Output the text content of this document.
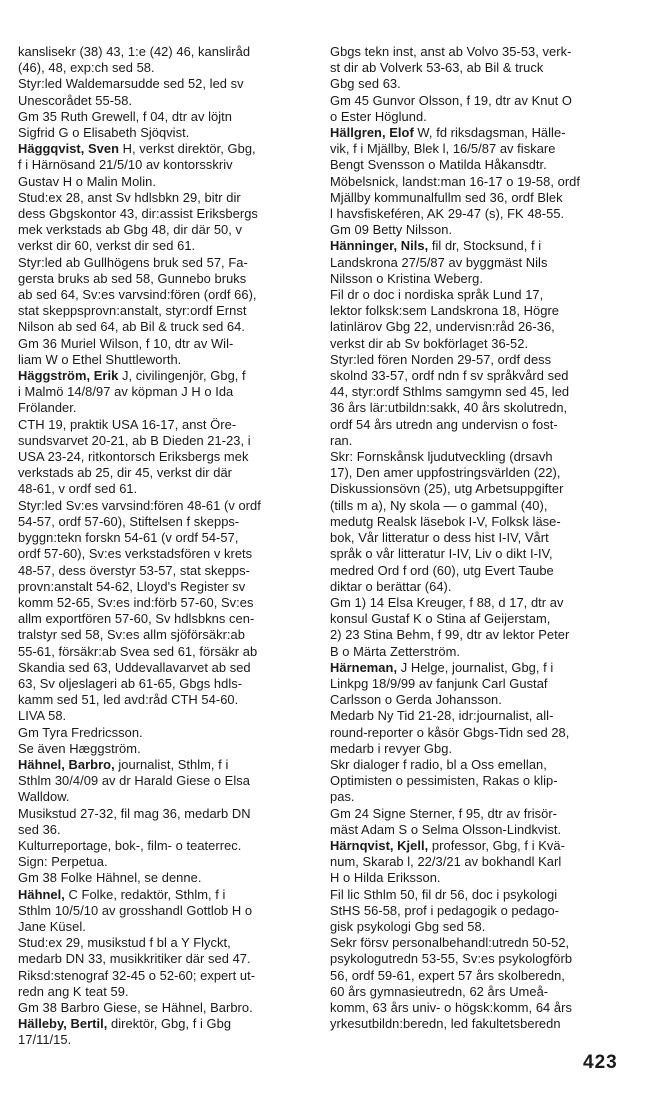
kanslisekr (38) 43, 1:e (42) 46, kansliråd
(46), 48, exp:ch sed 58.
Styr:led Waldemarsudde sed 52, led sv
Unescorådet 55-58.
Gm 35 Ruth Grewell, f 04, dtr av löjtn
Sigfrid G o Elisabeth Sjöqvist.
Häggqvist, Sven H, verkst direktör, Gbg,
f i Härnösand 21/5/10 av kontorsskriv
Gustav H o Malin Molin.
Stud:ex 28, anst Sv hdlsbkn 29, bitr dir
dess Gbgskontor 43, dir:assist Eriksbergs
mek verkstads ab Gbg 48, dir där 50, v
verkst dir 60, verkst dir sed 61.
Styr:led ab Gullhögens bruk sed 57, Fa-
gersta bruks ab sed 58, Gunnebo bruks
ab sed 64, Sv:es varvsind:fören (ordf 66),
stat skeppsprovn:anstalt, styr:ordf Ernst
Nilson ab sed 64, ab Bil & truck sed 64.
Gm 36 Muriel Wilson, f 10, dtr av Wil-
liam W o Ethel Shuttleworth.
Häggström, Erik J, civilingenjör, Gbg, f
i Malmö 14/8/97 av köpman J H o Ida
Frölander.
CTH 19, praktik USA 16-17, anst Öre-
sundsvarvet 20-21, ab B Dieden 21-23, i
USA 23-24, ritkontorsch Eriksbergs mek
verkstads ab 25, dir 45, verkst dir där
48-61, v ordf sed 61.
Styr:led Sv:es varvsind:fören 48-61 (v ordf
54-57, ordf 57-60), Stiftelsen f skepps-
byggn:tekn forskn 54-61 (v ordf 54-57,
ordf 57-60), Sv:es verkstadsfören v krets
48-57, dess överstyr 53-57, stat skepps-
provn:anstalt 54-62, Lloyd's Register sv
komm 52-65, Sv:es ind:förb 57-60, Sv:es
allm exportfören 57-60, Sv hdlsbkns cen-
tralstyr sed 58, Sv:es allm sjöförsäkr:ab
55-61, försäkr:ab Svea sed 61, försäkr ab
Skandia sed 63, Uddevallavarvet ab sed
63, Sv oljeslageri ab 61-65, Gbgs hdls-
kamm sed 51, led avd:råd CTH 54-60.
LIVA 58.
Gm Tyra Fredricsson.
Se även Hæggström.
Hähnel, Barbro, journalist, Sthlm, f i
Sthlm 30/4/09 av dr Harald Giese o Elsa
Walldow.
Musikstud 27-32, fil mag 36, medarb DN
sed 36.
Kulturreportage, bok-, film- o teaterrec.
Sign: Perpetua.
Gm 38 Folke Hähnel, se denne.
Hähnel, C Folke, redaktör, Sthlm, f i
Sthlm 10/5/10 av grosshandl Gottlob H o
Jane Küsel.
Stud:ex 29, musikstud f bl a Y Flyckt,
medarb DN 33, musikkritiker där sed 47.
Riksd:stenograf 32-45 o 52-60; expert ut-
redn ang K teat 59.
Gm 38 Barbro Giese, se Hähnel, Barbro.
Hälleby, Bertil, direktör, Gbg, f i Gbg
17/11/15.
Gbgs tekn inst, anst ab Volvo 35-53, verk-
st dir ab Volverk 53-63, ab Bil & truck
Gbg sed 63.
Gm 45 Gunvor Olsson, f 19, dtr av Knut O
o Ester Höglund.
Hällgren, Elof W, fd riksdagsman, Hälle-
vik, f i Mjällby, Blek l, 16/5/87 av fiskare
Bengt Svensson o Matilda Håkansdtr.
Möbelsnick, landst:man 16-17 o 19-58, ordf
Mjällby kommunalfullm sed 36, ordf Blek
l havsfiskeféren, AK 29-47 (s), FK 48-55.
Gm 09 Betty Nilsson.
Hänninger, Nils, fil dr, Stocksund, f i
Landskrona 27/5/87 av byggmäst Nils
Nilsson o Kristina Weberg.
Fil dr o doc i nordiska språk Lund 17,
lektor folksk:sem Landskrona 18, Högre
latinlärov Gbg 22, undervisn:råd 26-36,
verkst dir ab Sv bokförlaget 36-52.
Styr:led fören Norden 29-57, ordf dess
skolnd 33-57, ordf ndn f sv språkvård sed
44, styr:ordf Sthlms samgymn sed 45, led
36 års lär:utbildn:sakk, 40 års skolutredn,
ordf 54 års utredn ang undervisn o fost-
ran.
Skr: Fornskånsk ljudutveckling (drsavh
17), Den amer uppfostringsvärlden (22),
Diskussionsövn (25), utg Arbetsuppgifter
(tills m a), Ny skola — o gammal (40),
medutg Realsk läsebok I-V, Folksk läse-
bok, Vår litteratur o dess hist I-IV, Vårt
språk o vår litteratur I-IV, Liv o dikt I-IV,
medred Ord f ord (60), utg Evert Taube
diktar o berättar (64).
Gm 1) 14 Elsa Kreuger, f 88, d 17, dtr av
konsul Gustaf K o Stina af Geijerstam,
2) 23 Stina Behm, f 99, dtr av lektor Peter
B o Märta Zetterström.
Härneman, J Helge, journalist, Gbg, f i
Linkpg 18/9/99 av fanjunk Carl Gustaf
Carlsson o Gerda Johansson.
Medarb Ny Tid 21-28, idr:journalist, all-
round-reporter o kåsör Gbgs-Tidn sed 28,
medarb i revyer Gbg.
Skr dialoger f radio, bl a Oss emellan,
Optimisten o pessimisten, Rakas o klip-
pas.
Gm 24 Signe Sterner, f 95, dtr av frisör-
mäst Adam S o Selma Olsson-Lindkvist.
Härnqvist, Kjell, professor, Gbg, f i Kvä-
num, Skarab l, 22/3/21 av bokhandl Karl
H o Hilda Eriksson.
Fil lic Sthlm 50, fil dr 56, doc i psykologi
StHS 56-58, prof i pedagogik o pedago-
gisk psykologi Gbg sed 58.
Sekr försv personalbehandl:utredn 50-52,
psykologutredn 53-55, Sv:es psykologförb
56, ordf 59-61, expert 57 års skolberedn,
60 års gymnasieutredn, 62 års Umeå-
komm, 63 års univ- o högsk:komm, 64 års
yrkesutbildn:beredn, led fakultetsberedn
423
